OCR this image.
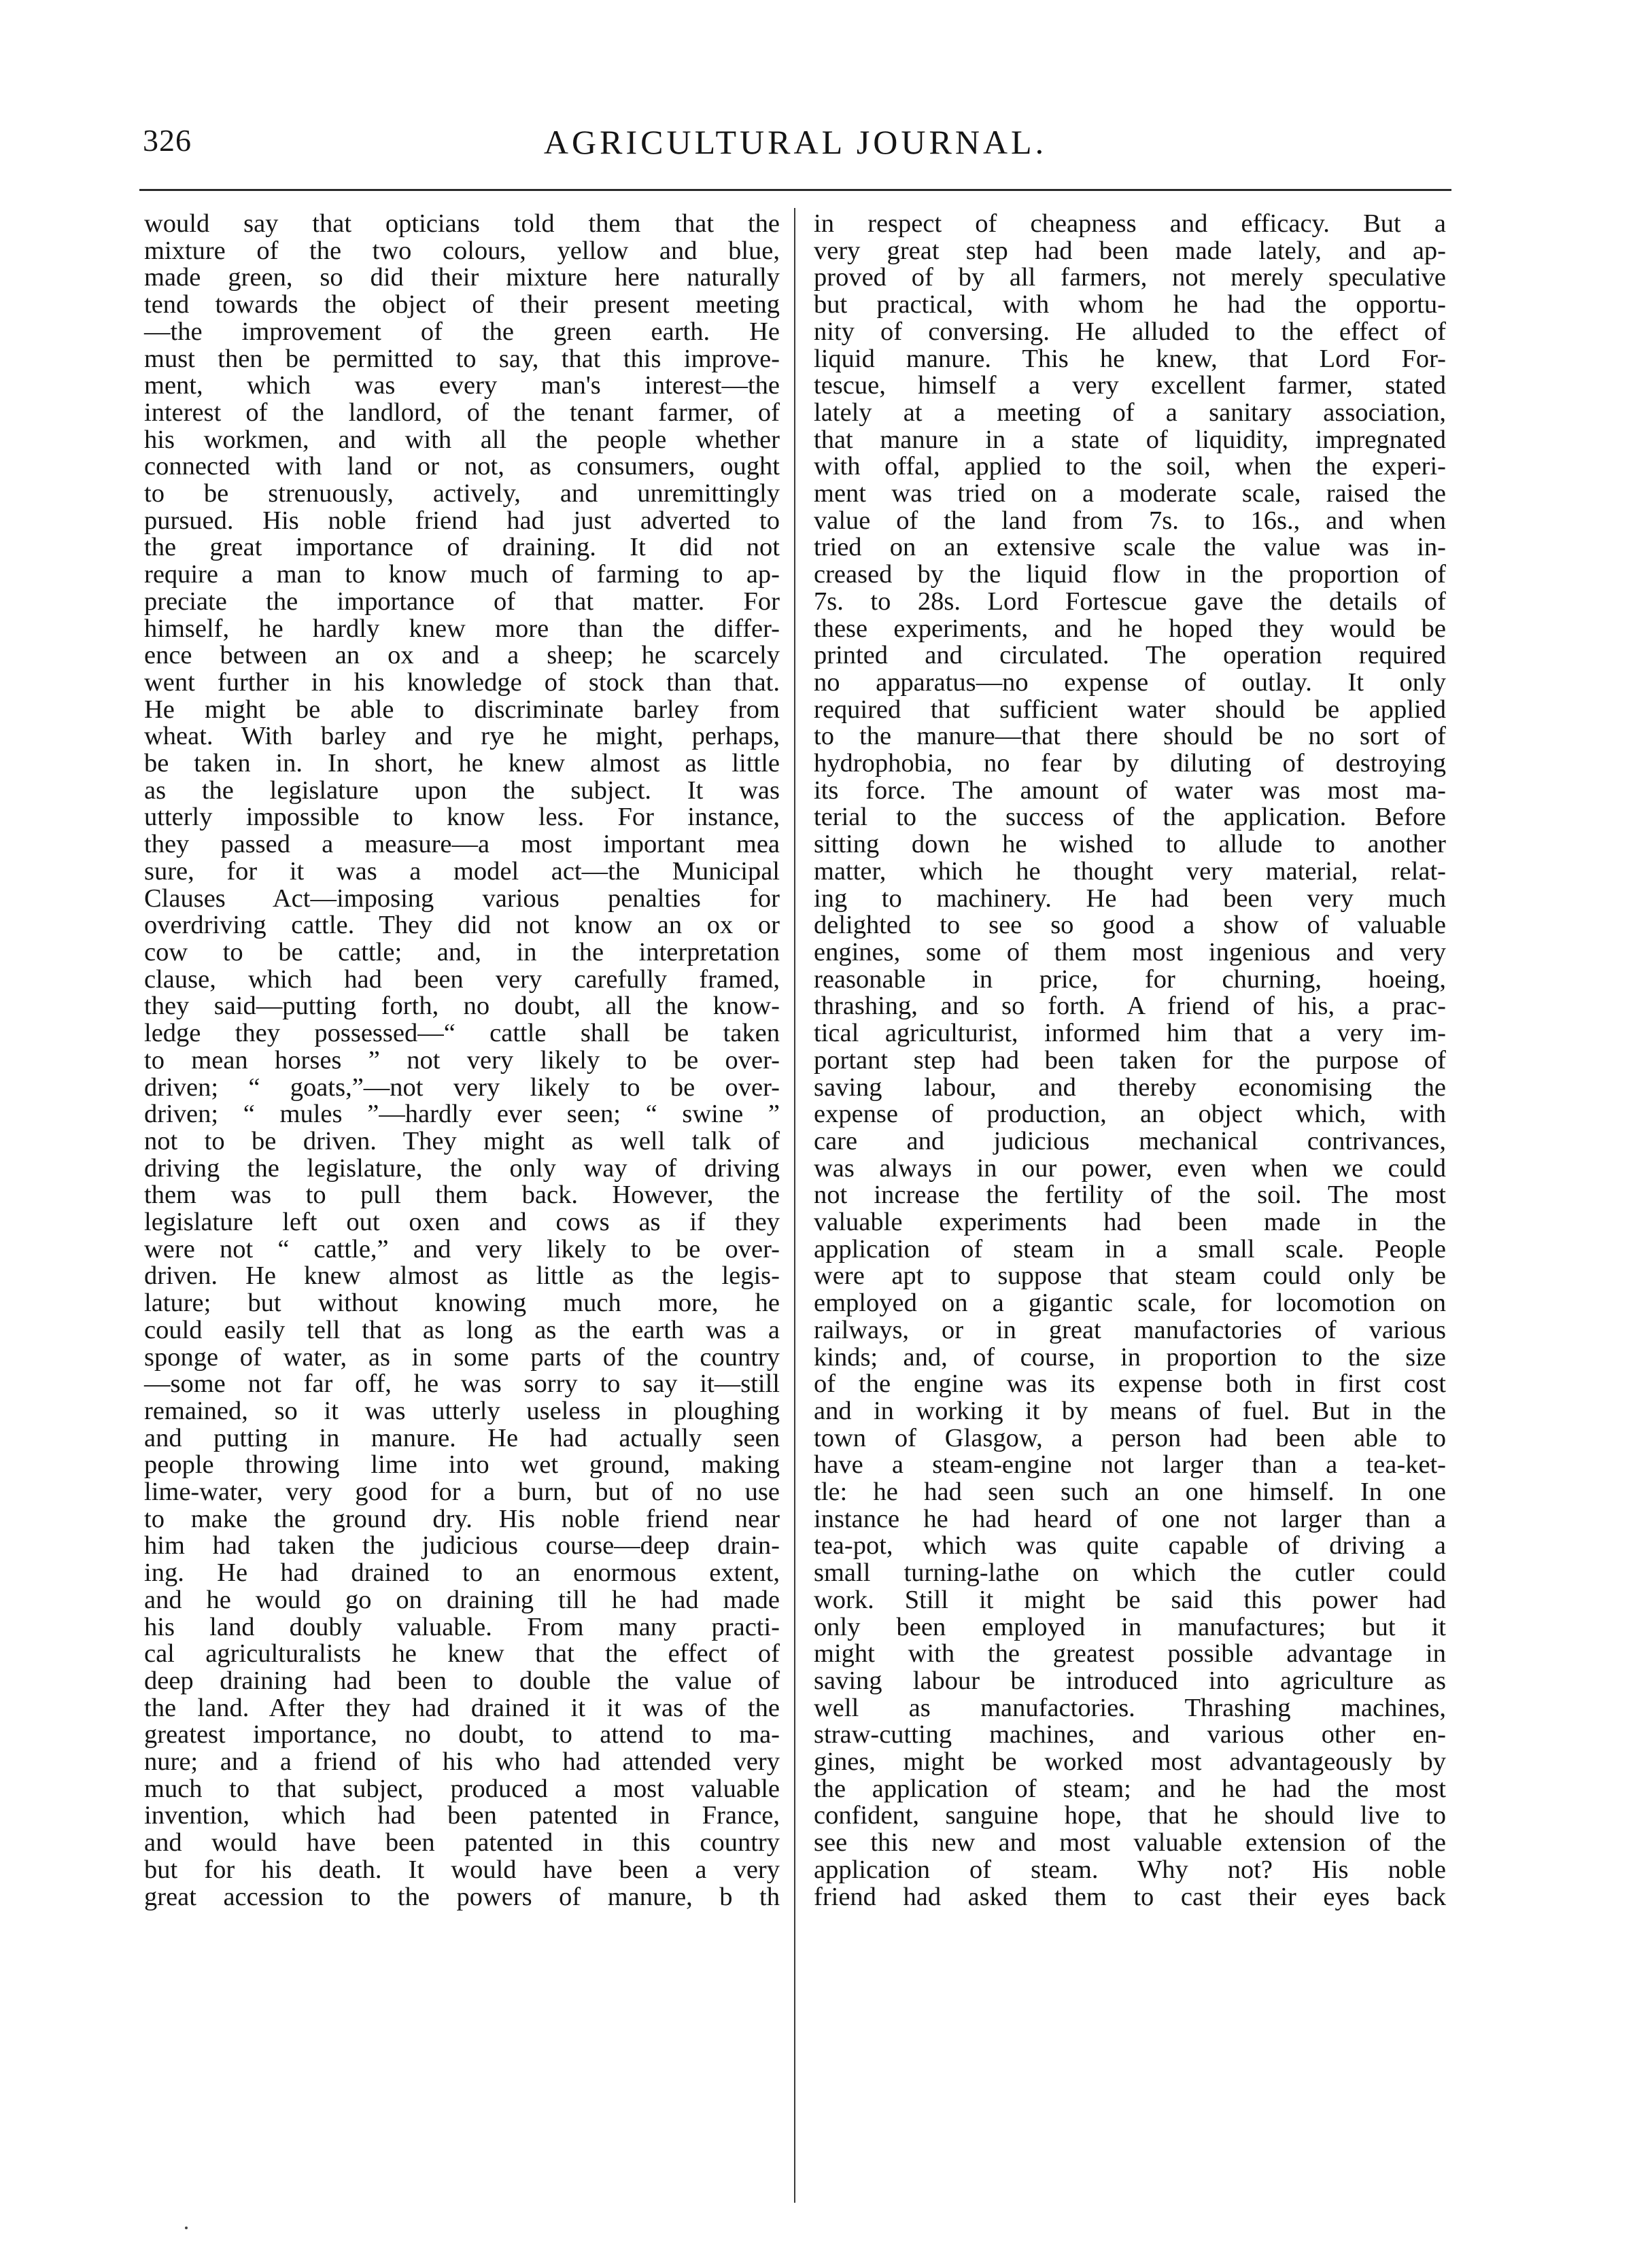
326	AGRICULTURAL JOURNAL.
would say that opticians told them that the
mixture of the two colours, yellow and blue,
made green, so did their mixture here naturally
tend towards the object of their present meeting
—the improvement of the green earth. He
must then be permitted to say, that this improve-
ment, which was every man's interest—the
interest of the landlord, of the tenant farmer, of
his workmen, and with all the people whether
connected with land or not, as consumers, ought
to be strenuously, actively, and unremittingly
pursued. His noble friend had just adverted to
the great importance of draining. It did not
require a man to know much of farming to ap-
preciate the importance of that matter. For
himself, he hardly knew more than the differ-
ence between an ox and a sheep; he scarcely
went further in his knowledge of stock than that.
He might be able to discriminate barley from
wheat. With barley and rye he might, perhaps,
be taken in. In short, he knew almost as little
as the legislature upon the subject. It was
utterly impossible to know less. For instance,
they passed a measure—a most important mea
sure, for it was a model act—the Municipal
Clauses Act—imposing various penalties for
overdriving cattle. They did not know an ox or
cow to be cattle; and, in the interpretation
clause, which had been very carefully framed,
they said—putting forth, no doubt, all the know-
ledge they possessed—“ cattle shall be taken
to mean horses ” not very likely to be over-
driven; “ goats,”—not very likely to be over-
driven; “ mules ”—hardly ever seen; “ swine ”
not to be driven. They might as well talk of
driving the legislature, the only way of driving
them was to pull them back. However, the
legislature left out oxen and cows as if they
were not “ cattle,” and very likely to be over-
driven. He knew almost as little as the legis-
lature; but without knowing much more, he
could easily tell that as long as the earth was a
sponge of water, as in some parts of the country
—some not far off, he was sorry to say it—still
remained, so it was utterly useless in ploughing
and putting in manure. He had actually seen
people throwing lime into wet ground, making
lime-water, very good for a burn, but of no use
to make the ground dry. His noble friend near
him had taken the judicious course—deep drain-
ing. He had drained to an enormous extent,
and he would go on draining till he had made
his land doubly valuable. From many practi-
cal agriculturalists he knew that the effect of
deep draining had been to double the value of
the land. After they had drained it it was of the
greatest importance, no doubt, to attend to ma-
nure; and a friend of his who had attended very
much to that subject, produced a most valuable
invention, which had been patented in France,
and would have been patented in this country
but for his death. It would have been a very
great accession to the powers of manure, b th
in respect of cheapness and efficacy. But a
very great step had been made lately, and ap-
proved of by all farmers, not merely speculative
but practical, with whom he had the opportu-
nity of conversing. He alluded to the effect of
liquid manure. This he knew, that Lord For-
tescue, himself a very excellent farmer, stated
lately at a meeting of a sanitary association,
that manure in a state of liquidity, impregnated
with offal, applied to the soil, when the experi-
ment was tried on a moderate scale, raised the
value of the land from 7s. to 16s., and when
tried on an extensive scale the value was in-
creased by the liquid flow in the proportion of
7s. to 28s. Lord Fortescue gave the details of
these experiments, and he hoped they would be
printed and circulated. The operation required
no apparatus—no expense of outlay. It only
required that sufficient water should be applied
to the manure—that there should be no sort of
hydrophobia, no fear by diluting of destroying
its force. The amount of water was most ma-
terial to the success of the application. Before
sitting down he wished to allude to another
matter, which he thought very material, relat-
ing to machinery. He had been very much
delighted to see so good a show of valuable
engines, some of them most ingenious and very
reasonable in price, for churning, hoeing,
thrashing, and so forth. A friend of his, a prac-
tical agriculturist, informed him that a very im-
portant step had been taken for the purpose of
saving labour, and thereby economising the
expense of production, an object which, with
care and judicious mechanical contrivances,
was always in our power, even when we could
not increase the fertility of the soil. The most
valuable experiments had been made in the
application of steam in a small scale. People
were apt to suppose that steam could only be
employed on a gigantic scale, for locomotion on
railways, or in great manufactories of various
kinds; and, of course, in proportion to the size
of the engine was its expense both in first cost
and in working it by means of fuel. But in the
town of Glasgow, a person had been able to
have a steam-engine not larger than a tea-ket-
tle: he had seen such an one himself. In one
instance he had heard of one not larger than a
tea-pot, which was quite capable of driving a
small turning-lathe on which the cutler could
work. Still it might be said this power had
only been employed in manufactures; but it
might with the greatest possible advantage in
saving labour be introduced into agriculture as
well as manufactories. Thrashing machines,
straw-cutting machines, and various other en-
gines, might be worked most advantageously by
the application of steam; and he had the most
confident, sanguine hope, that he should live to
see this new and most valuable extension of the
application of steam. Why not? His noble
friend had asked them to cast their eyes back
